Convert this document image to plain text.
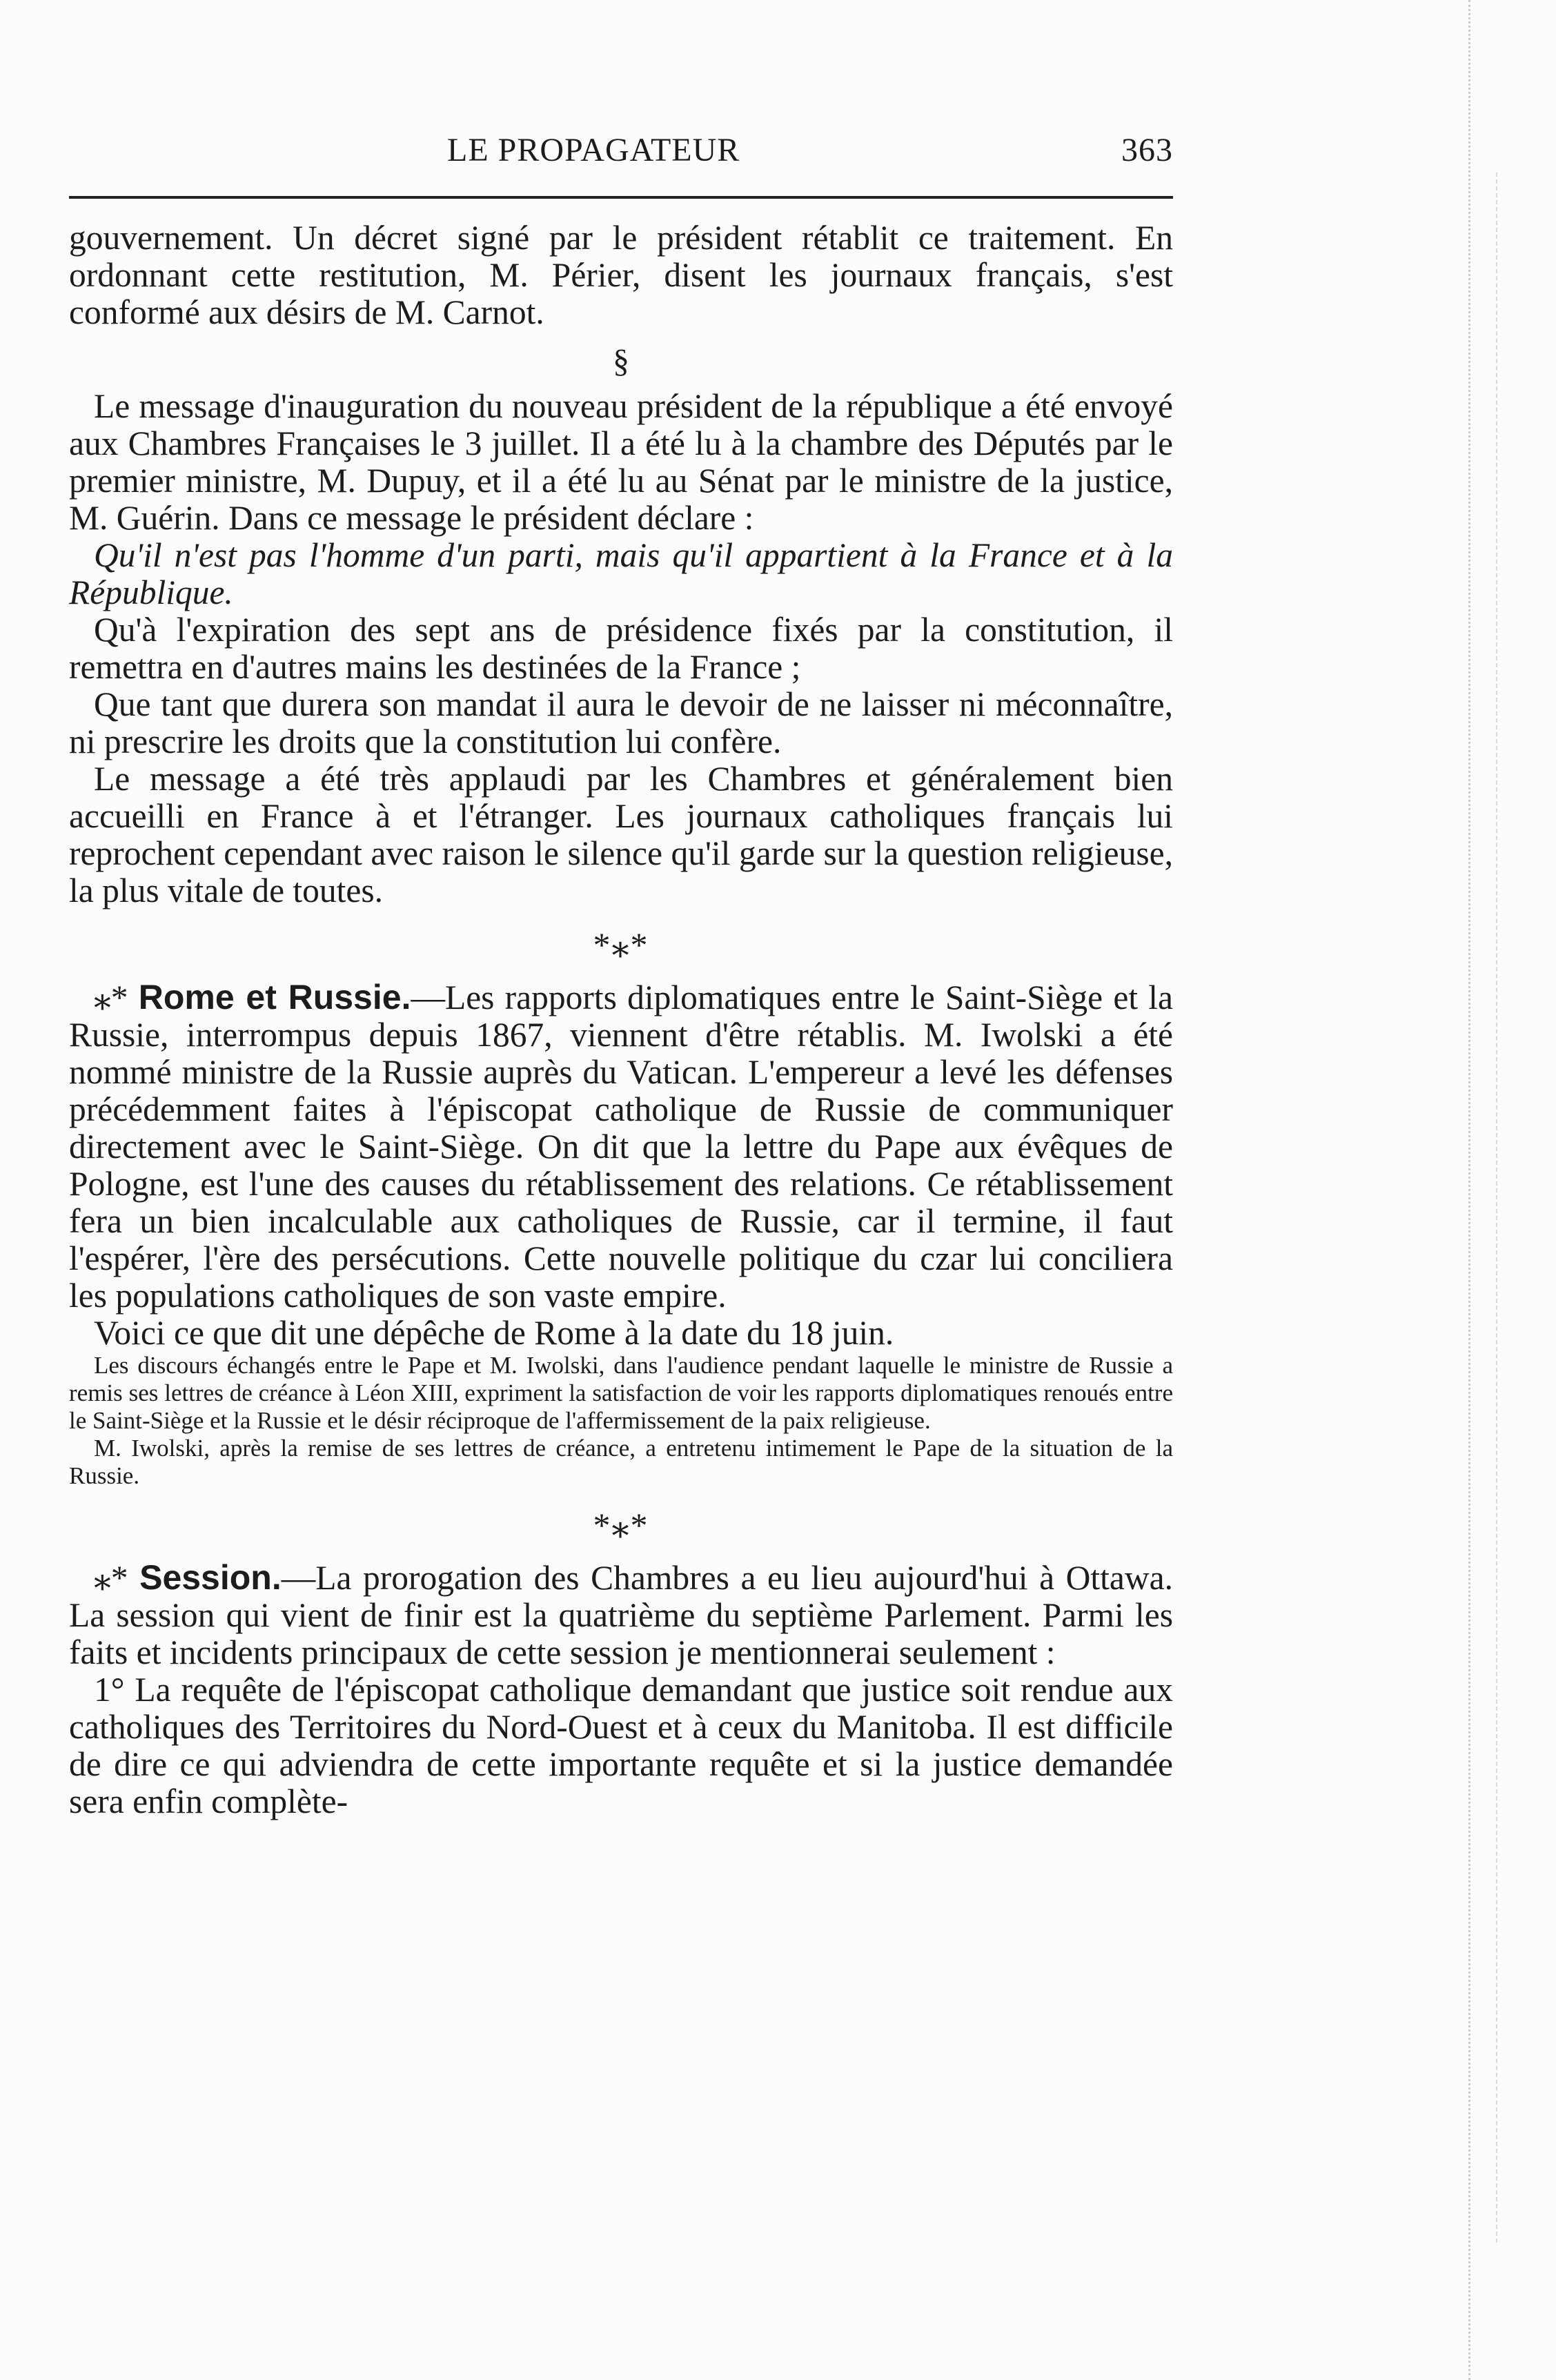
LE PROPAGATEUR	363

gouvernement. Un décret signé par le président rétablit ce traitement. En ordonnant cette restitution, M. Périer, disent les journaux français, s'est conformé aux désirs de M. Carnot.

§

Le message d'inauguration du nouveau président de la république a été envoyé aux Chambres Françaises le 3 juillet. Il a été lu à la chambre des Députés par le premier ministre, M. Dupuy, et il a été lu au Sénat par le ministre de la justice, M. Guérin. Dans ce message le président déclare :

Qu'il n'est pas l'homme d'un parti, mais qu'il appartient à la France et à la République.

Qu'à l'expiration des sept ans de présidence fixés par la constitution, il remettra en d'autres mains les destinées de la France ;

Que tant que durera son mandat il aura le devoir de ne laisser ni méconnaître, ni prescrire les droits que la constitution lui confère.

Le message a été très applaudi par les Chambres et généralement bien accueilli en France à et l'étranger. Les journaux catholiques français lui reprochent cependant avec raison le silence qu'il garde sur la question religieuse, la plus vitale de toutes.

*⁎*

⁎* Rome et Russie.—Les rapports diplomatiques entre le Saint-Siège et la Russie, interrompus depuis 1867, viennent d'être rétablis. M. Iwolski a été nommé ministre de la Russie auprès du Vatican. L'empereur a levé les défenses précédemment faites à l'épiscopat catholique de Russie de communiquer directement avec le Saint-Siège. On dit que la lettre du Pape aux évêques de Pologne, est l'une des causes du rétablissement des relations. Ce rétablissement fera un bien incalculable aux catholiques de Russie, car il termine, il faut l'espérer, l'ère des persécutions. Cette nouvelle politique du czar lui conciliera les populations catholiques de son vaste empire.

Voici ce que dit une dépêche de Rome à la date du 18 juin.

Les discours échangés entre le Pape et M. Iwolski, dans l'audience pendant laquelle le ministre de Russie a remis ses lettres de créance à Léon XIII, expriment la satisfaction de voir les rapports diplomatiques renoués entre le Saint-Siège et la Russie et le désir réciproque de l'affermissement de la paix religieuse.

M. Iwolski, après la remise de ses lettres de créance, a entretenu intimement le Pape de la situation de la Russie.

*⁎*

⁎* Session.—La prorogation des Chambres a eu lieu aujourd'hui à Ottawa. La session qui vient de finir est la quatrième du septième Parlement. Parmi les faits et incidents principaux de cette session je mentionnerai seulement :

1° La requête de l'épiscopat catholique demandant que justice soit rendue aux catholiques des Territoires du Nord-Ouest et à ceux du Manitoba. Il est difficile de dire ce qui adviendra de cette importante requête et si la justice demandée sera enfin complète-
